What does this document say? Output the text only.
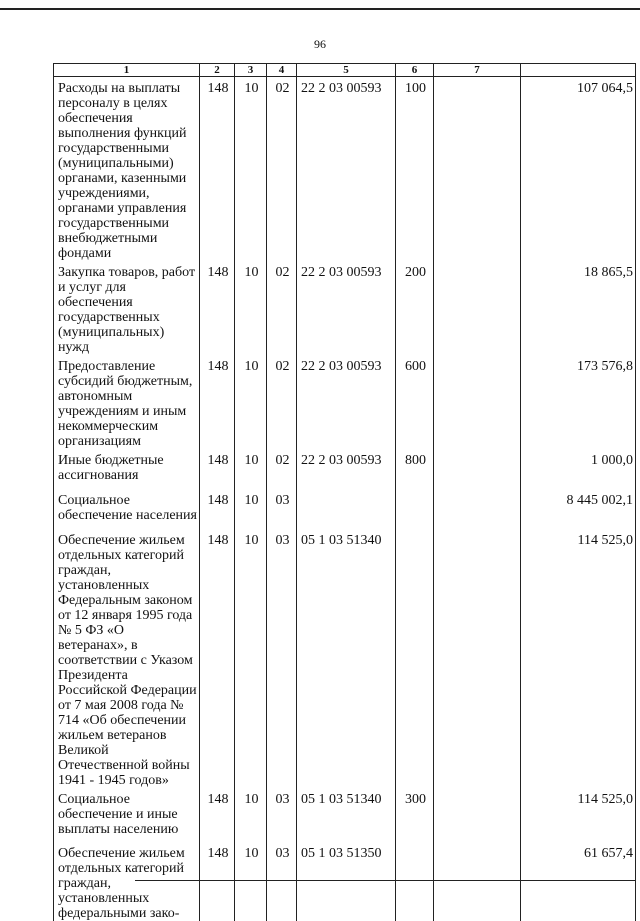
96
1	2	3	4	5	6	7	
Расходы на выплаты персоналу в целях обеспечения выполнения функций государственными (муниципальными) органами, казенными учреждениями, органами управления государственными внебюджетными фондами	148	10	02	22 2 03 00593	100		107 064,5
Закупка товаров, работ и услуг для обеспечения государственных (муниципальных) нужд	148	10	02	22 2 03 00593	200		18 865,5
Предоставление субсидий бюджетным, автономным учреждениям и иным некоммерческим организациям	148	10	02	22 2 03 00593	600		173 576,8
Иные бюджетные ассигнования	148	10	02	22 2 03 00593	800		1 000,0
Социальное обеспечение населения	148	10	03				8 445 002,1
Обеспечение жильем отдельных категорий граждан, установленных Федеральным законом от 12 января 1995 года № 5 ФЗ «О ветеранах», в соответствии с Указом Президента Российской Федерации от 7 мая 2008 года № 714 «Об обеспечении жильем ветеранов Великой Отечественной войны 1941 - 1945 годов»	148	10	03	05 1 03 51340			114 525,0
Социальное обеспечение и иные выплаты населению	148	10	03	05 1 03 51340	300		114 525,0
Обеспечение жильем отдельных категорий граждан, установленных федеральными зако-	148	10	03	05 1 03 51350			61 657,4
